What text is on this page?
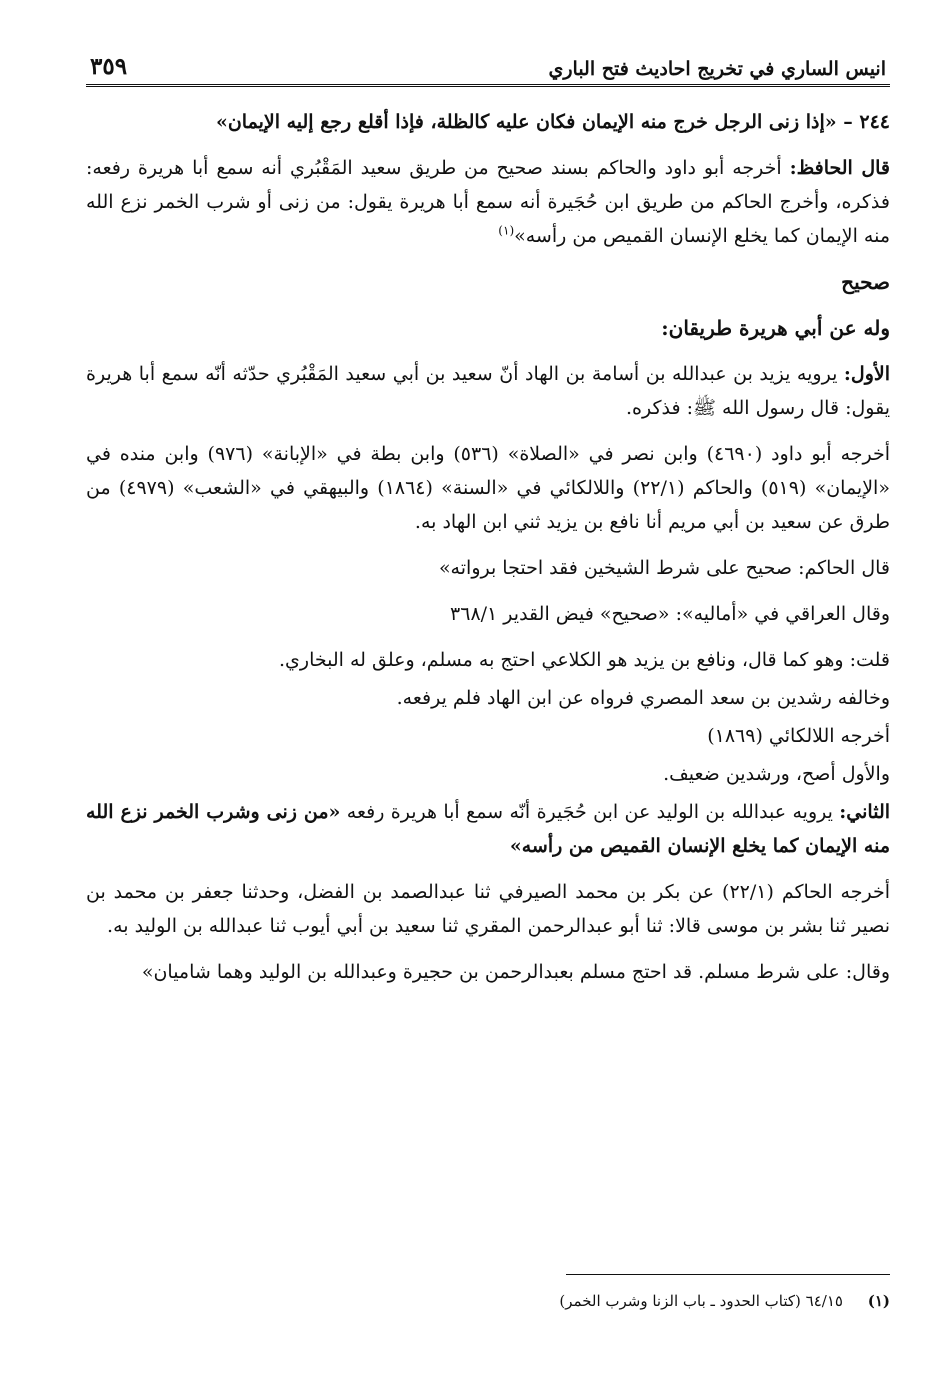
انيس الساري في تخريج احاديث فتح الباري
٣٥٩

٢٤٤ – «إذا زنى الرجل خرج منه الإيمان فكان عليه كالظلة، فإذا أقلع رجع إليه الإيمان»

قال الحافظ: أخرجه أبو داود والحاكم بسند صحيح من طريق سعيد المَقْبُري أنه سمع أبا هريرة رفعه: فذكره، وأخرج الحاكم من طريق ابن حُجَيرة أنه سمع أبا هريرة يقول: من زنى أو شرب الخمر نزع الله منه الإيمان كما يخلع الإنسان القميص من رأسه»$^{(١)}$

صحيح

وله عن أبي هريرة طريقان:

الأول: يرويه يزيد بن عبدالله بن أسامة بن الهاد أنّ سعيد بن أبي سعيد المَقْبُري حدّثه أنّه سمع أبا هريرة يقول: قال رسول الله ﷺ: فذكره.

أخرجه أبو داود (٤٦٩٠) وابن نصر في «الصلاة» (٥٣٦) وابن بطة في «الإبانة» (٩٧٦) وابن منده في «الإيمان» (٥١٩) والحاكم (٢٢/١) واللالكائي في «السنة» (١٨٦٤) والبيهقي في «الشعب» (٤٩٧٩) من طرق عن سعيد بن أبي مريم أنا نافع بن يزيد ثني ابن الهاد به.

قال الحاكم: صحيح على شرط الشيخين فقد احتجا برواته»

وقال العراقي في «أماليه»: «صحيح» فيض القدير ٣٦٨/١

قلت: وهو كما قال، ونافع بن يزيد هو الكلاعي احتج به مسلم، وعلق له البخاري.

وخالفه رشدين بن سعد المصري فرواه عن ابن الهاد فلم يرفعه.

أخرجه اللالكائي (١٨٦٩)

والأول أصح، ورشدين ضعيف.

الثاني: يرويه عبدالله بن الوليد عن ابن حُجَيرة أنّه سمع أبا هريرة رفعه «من زنى وشرب الخمر نزع الله منه الإيمان كما يخلع الإنسان القميص من رأسه»

أخرجه الحاكم (٢٢/١) عن بكر بن محمد الصيرفي ثنا عبدالصمد بن الفضل، وحدثنا جعفر بن محمد بن نصير ثنا بشر بن موسى قالا: ثنا أبو عبدالرحمن المقري ثنا سعيد بن أبي أيوب ثنا عبدالله بن الوليد به.

وقال: على شرط مسلم. قد احتج مسلم بعبدالرحمن بن حجيرة وعبدالله بن الوليد وهما شاميان»

(١) ٦٤/١٥ (كتاب الحدود ـ باب الزنا وشرب الخمر)
